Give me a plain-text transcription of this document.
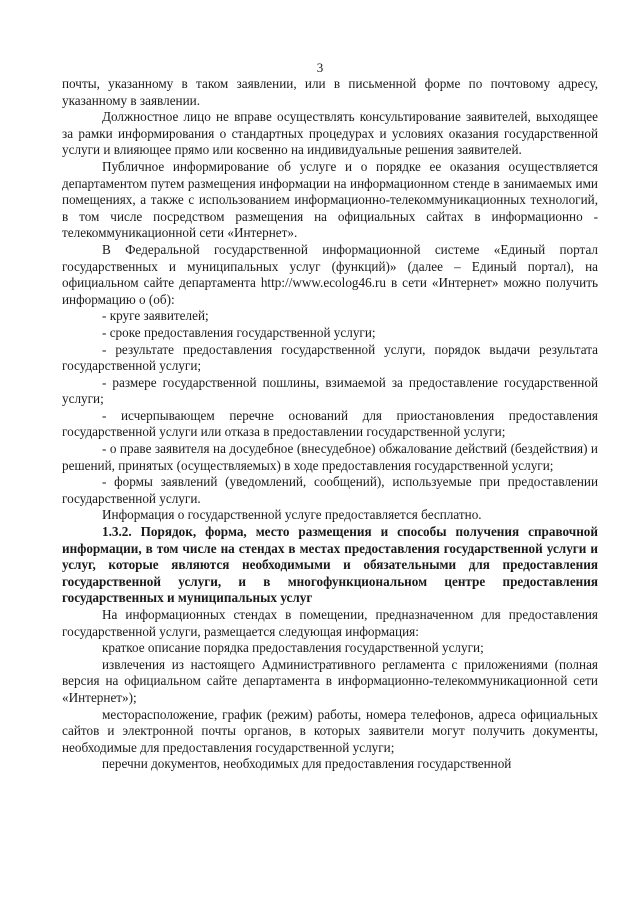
3

почты, указанному в таком заявлении, или в письменной форме по почтовому адресу, указанному в заявлении.

Должностное лицо не вправе осуществлять консультирование заявителей, выходящее за рамки информирования о стандартных процедурах и условиях оказания государственной услуги и влияющее прямо или косвенно на индивидуальные решения заявителей.

Публичное информирование об услуге и о порядке ее оказания осуществляется департаментом путем размещения информации на информационном стенде в занимаемых ими помещениях, а также с использованием информационно-телекоммуникационных технологий, в том числе посредством размещения на официальных сайтах в информационно - телекоммуникационной сети «Интернет».

В Федеральной государственной информационной системе «Единый портал государственных и муниципальных услуг (функций)» (далее – Единый портал), на официальном сайте департамента http://www.ecolog46.ru в сети «Интернет» можно получить информацию о (об):

- круге заявителей;

- сроке предоставления государственной услуги;

- результате предоставления государственной услуги, порядок выдачи результата государственной услуги;

- размере государственной пошлины, взимаемой за предоставление государственной услуги;

- исчерпывающем перечне оснований для приостановления предоставления государственной услуги или отказа в предоставлении государственной услуги;

- о праве заявителя на досудебное (внесудебное) обжалование действий (бездействия) и решений, принятых (осуществляемых) в ходе предоставления государственной услуги;

- формы заявлений (уведомлений, сообщений), используемые при предоставлении государственной услуги.

Информация о государственной услуге предоставляется бесплатно.

1.3.2. Порядок, форма, место размещения и способы получения справочной информации, в том числе на стендах в местах предоставления государственной услуги и услуг, которые являются необходимыми и обязательными для предоставления государственной услуги, и в многофункциональном центре предоставления государственных и муниципальных услуг

На информационных стендах в помещении, предназначенном для предоставления государственной услуги, размещается следующая информация:

краткое описание порядка предоставления государственной услуги;

извлечения из настоящего Административного регламента с приложениями (полная версия на официальном сайте департамента в информационно-телекоммуникационной сети «Интернет»);

месторасположение, график (режим) работы, номера телефонов, адреса официальных сайтов и электронной почты органов, в которых заявители могут получить документы, необходимые для предоставления государственной услуги;

перечни документов, необходимых для предоставления государственной
